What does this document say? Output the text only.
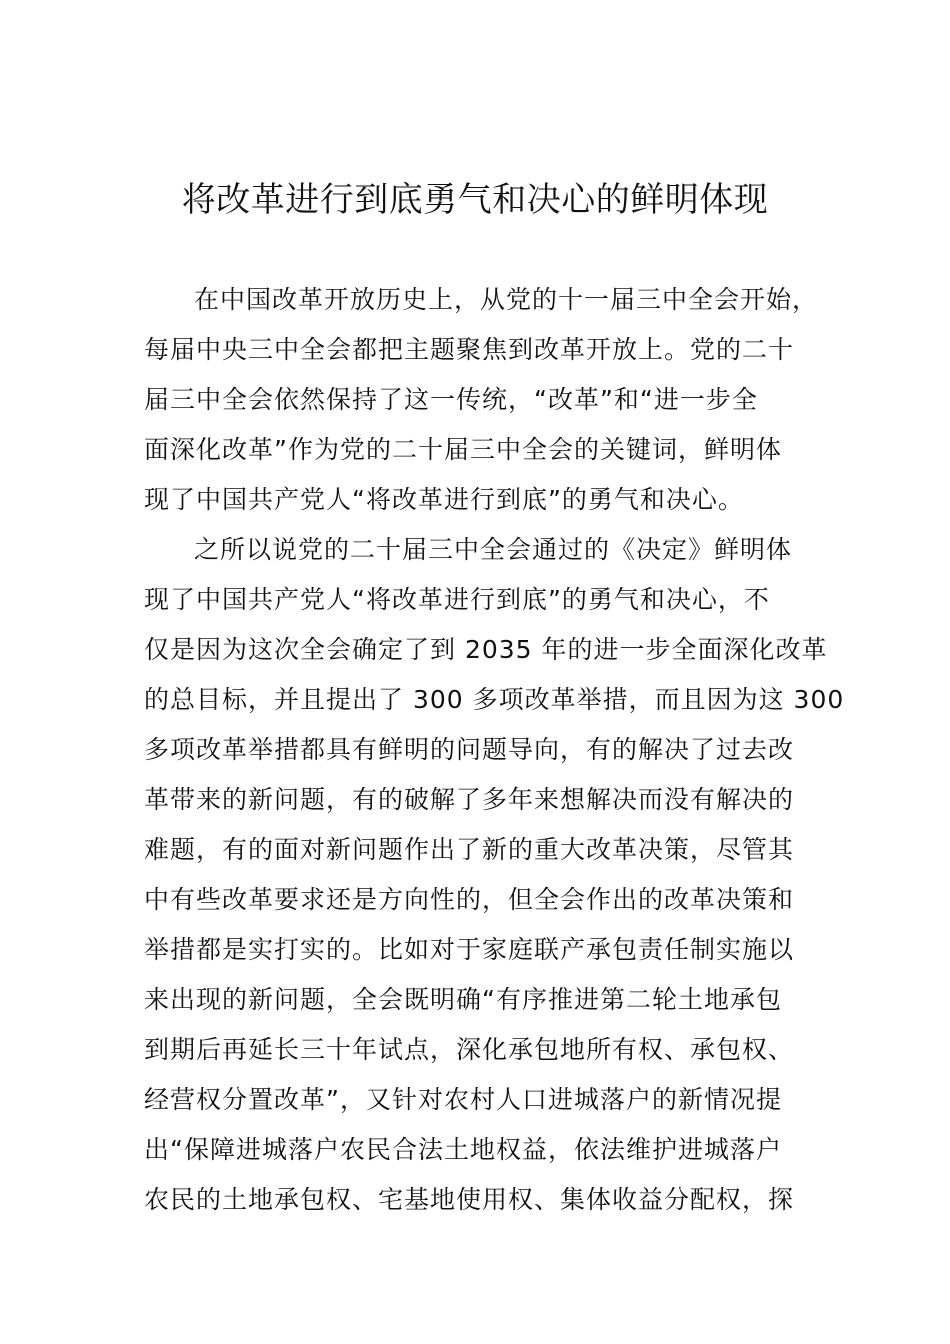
将改革进行到底勇气和决心的鲜明体现
在中国改革开放历史上，从党的十一届三中全会开始，
每届中央三中全会都把主题聚焦到改革开放上。党的二十
届三中全会依然保持了这一传统，“改革”和“进一步全
面深化改革”作为党的二十届三中全会的关键词，鲜明体
现了中国共产党人“将改革进行到底”的勇气和决心。
之所以说党的二十届三中全会通过的《决定》鲜明体
现了中国共产党人“将改革进行到底”的勇气和决心，不
仅是因为这次全会确定了到 2035 年的进一步全面深化改革
的总目标，并且提出了 300 多项改革举措，而且因为这 300
多项改革举措都具有鲜明的问题导向，有的解决了过去改
革带来的新问题，有的破解了多年来想解决而没有解决的
难题，有的面对新问题作出了新的重大改革决策，尽管其
中有些改革要求还是方向性的，但全会作出的改革决策和
举措都是实打实的。比如对于家庭联产承包责任制实施以
来出现的新问题，全会既明确“有序推进第二轮土地承包
到期后再延长三十年试点，深化承包地所有权、承包权、
经营权分置改革”，又针对农村人口进城落户的新情况提
出“保障进城落户农民合法土地权益，依法维护进城落户
农民的土地承包权、宅基地使用权、集体收益分配权，探
